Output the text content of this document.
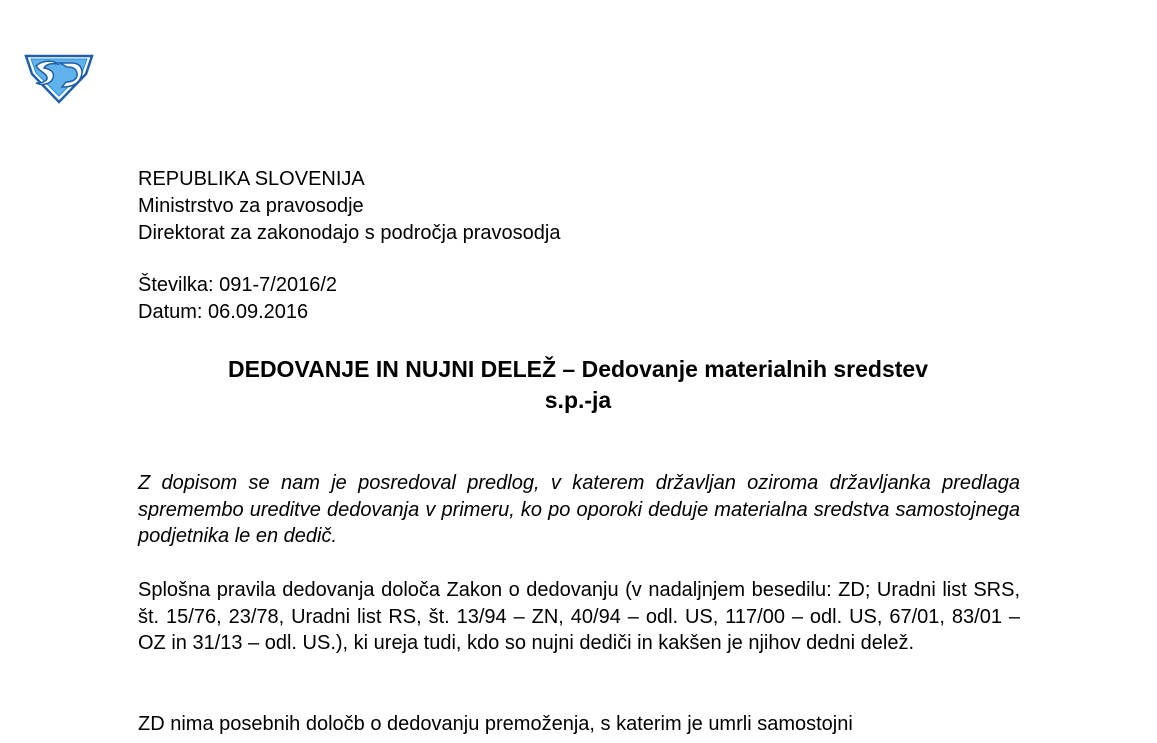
REPUBLIKA SLOVENIJA

Ministrstvo za pravosodje

Direktorat za zakonodajo s področja pravosodja

Številka: 091-7/2016/2

Datum: 06.09.2016

DEDOVANJE IN NUJNI DELEŽ – Dedovanje materialnih sredstev
s.p.-ja

Z dopisom se nam je posredoval predlog, v katerem državljan oziroma državljanka predlaga spremembo ureditve dedovanja v primeru, ko po oporoki deduje materialna sredstva samostojnega podjetnika le en dedič.

Splošna pravila dedovanja določa Zakon o dedovanju (v nadaljnjem besedilu: ZD; Uradni list SRS, št. 15/76, 23/78, Uradni list RS, št. 13/94 – ZN, 40/94 – odl. US, 117/00 – odl. US, 67/01, 83/01 – OZ in 31/13 – odl. US.), ki ureja tudi, kdo so nujni dediči in kakšen je njihov dedni delež.

ZD nima posebnih določb o dedovanju premoženja, s katerim je umrli samostojni
